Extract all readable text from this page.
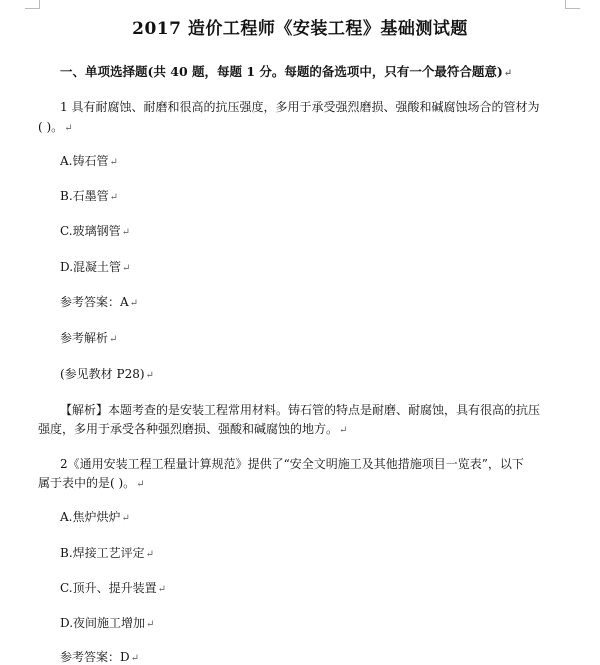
2017 造价工程师《安装工程》基础测试题
一、单项选择题(共 40 题，每题 1 分。每题的备选项中，只有一个最符合题意)↵
1 具有耐腐蚀、耐磨和很高的抗压强度，多用于承受强烈磨损、强酸和碱腐蚀场合的管材为
( )。↵
A.铸石管↵
B.石墨管↵
C.玻璃钢管↵
D.混凝土管↵
参考答案：A↵
参考解析↵
(参见教材 P28)↵
【解析】本题考查的是安装工程常用材料。铸石管的特点是耐磨、耐腐蚀，具有很高的抗压
强度，多用于承受各种强烈磨损、强酸和碱腐蚀的地方。↵
2《通用安装工程工程量计算规范》提供了“安全文明施工及其他措施项目一览表”，以下
属于表中的是( )。↵
A.焦炉烘炉↵
B.焊接工艺评定↵
C.顶升、提升装置↵
D.夜间施工增加↵
参考答案：D↵
